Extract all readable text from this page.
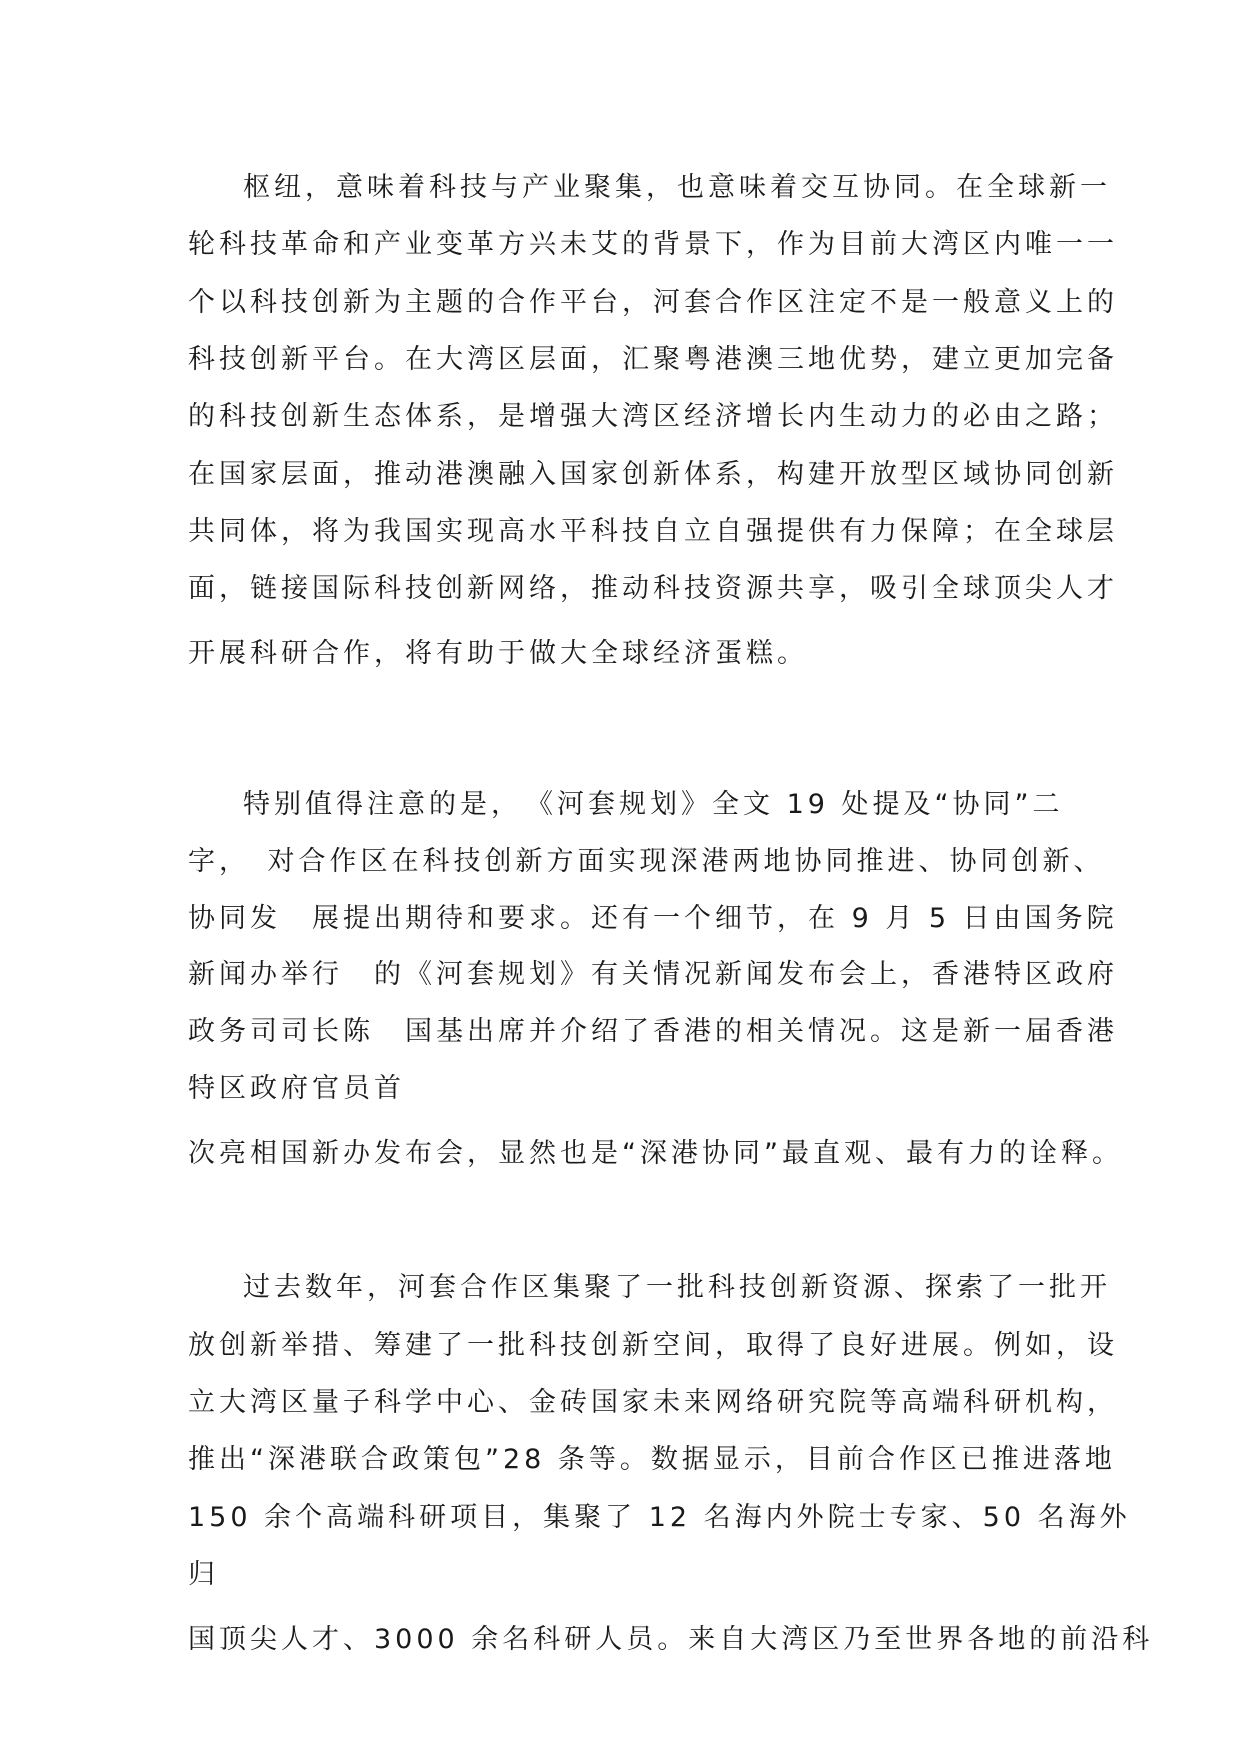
枢纽，意味着科技与产业聚集，也意味着交互协同。在全球新一
轮科技革命和产业变革方兴未艾的背景下，作为目前大湾区内唯一一
个以科技创新为主题的合作平台，河套合作区注定不是一般意义上的
科技创新平台。在大湾区层面，汇聚粤港澳三地优势，建立更加完备
的科技创新生态体系，是增强大湾区经济增长内生动力的必由之路；
在国家层面，推动港澳融入国家创新体系，构建开放型区域协同创新
共同体，将为我国实现高水平科技自立自强提供有力保障；在全球层
面，链接国际科技创新网络，推动科技资源共享，吸引全球顶尖人才
开展科研合作，将有助于做大全球经济蛋糕。
特别值得注意的是，　《河套规划》全文 19 处提及“协同”二
字，　对合作区在科技创新方面实现深港两地协同推进、协同创新、
协同发　展提出期待和要求。还有一个细节，在 9 月 5 日由国务院
新闻办举行　的《河套规划》有关情况新闻发布会上，香港特区政府
政务司司长陈　国基出席并介绍了香港的相关情况。这是新一届香港
特区政府官员首
次亮相国新办发布会，显然也是“深港协同”最直观、最有力的诠释。
过去数年，河套合作区集聚了一批科技创新资源、探索了一批开
放创新举措、筹建了一批科技创新空间，取得了良好进展。例如，设
立大湾区量子科学中心、金砖国家未来网络研究院等高端科研机构，
推出“深港联合政策包”28 条等。数据显示，目前合作区已推进落地
150 余个高端科研项目，集聚了 12 名海内外院士专家、50 名海外
归
国顶尖人才、3000 余名科研人员。来自大湾区乃至世界各地的前沿科
